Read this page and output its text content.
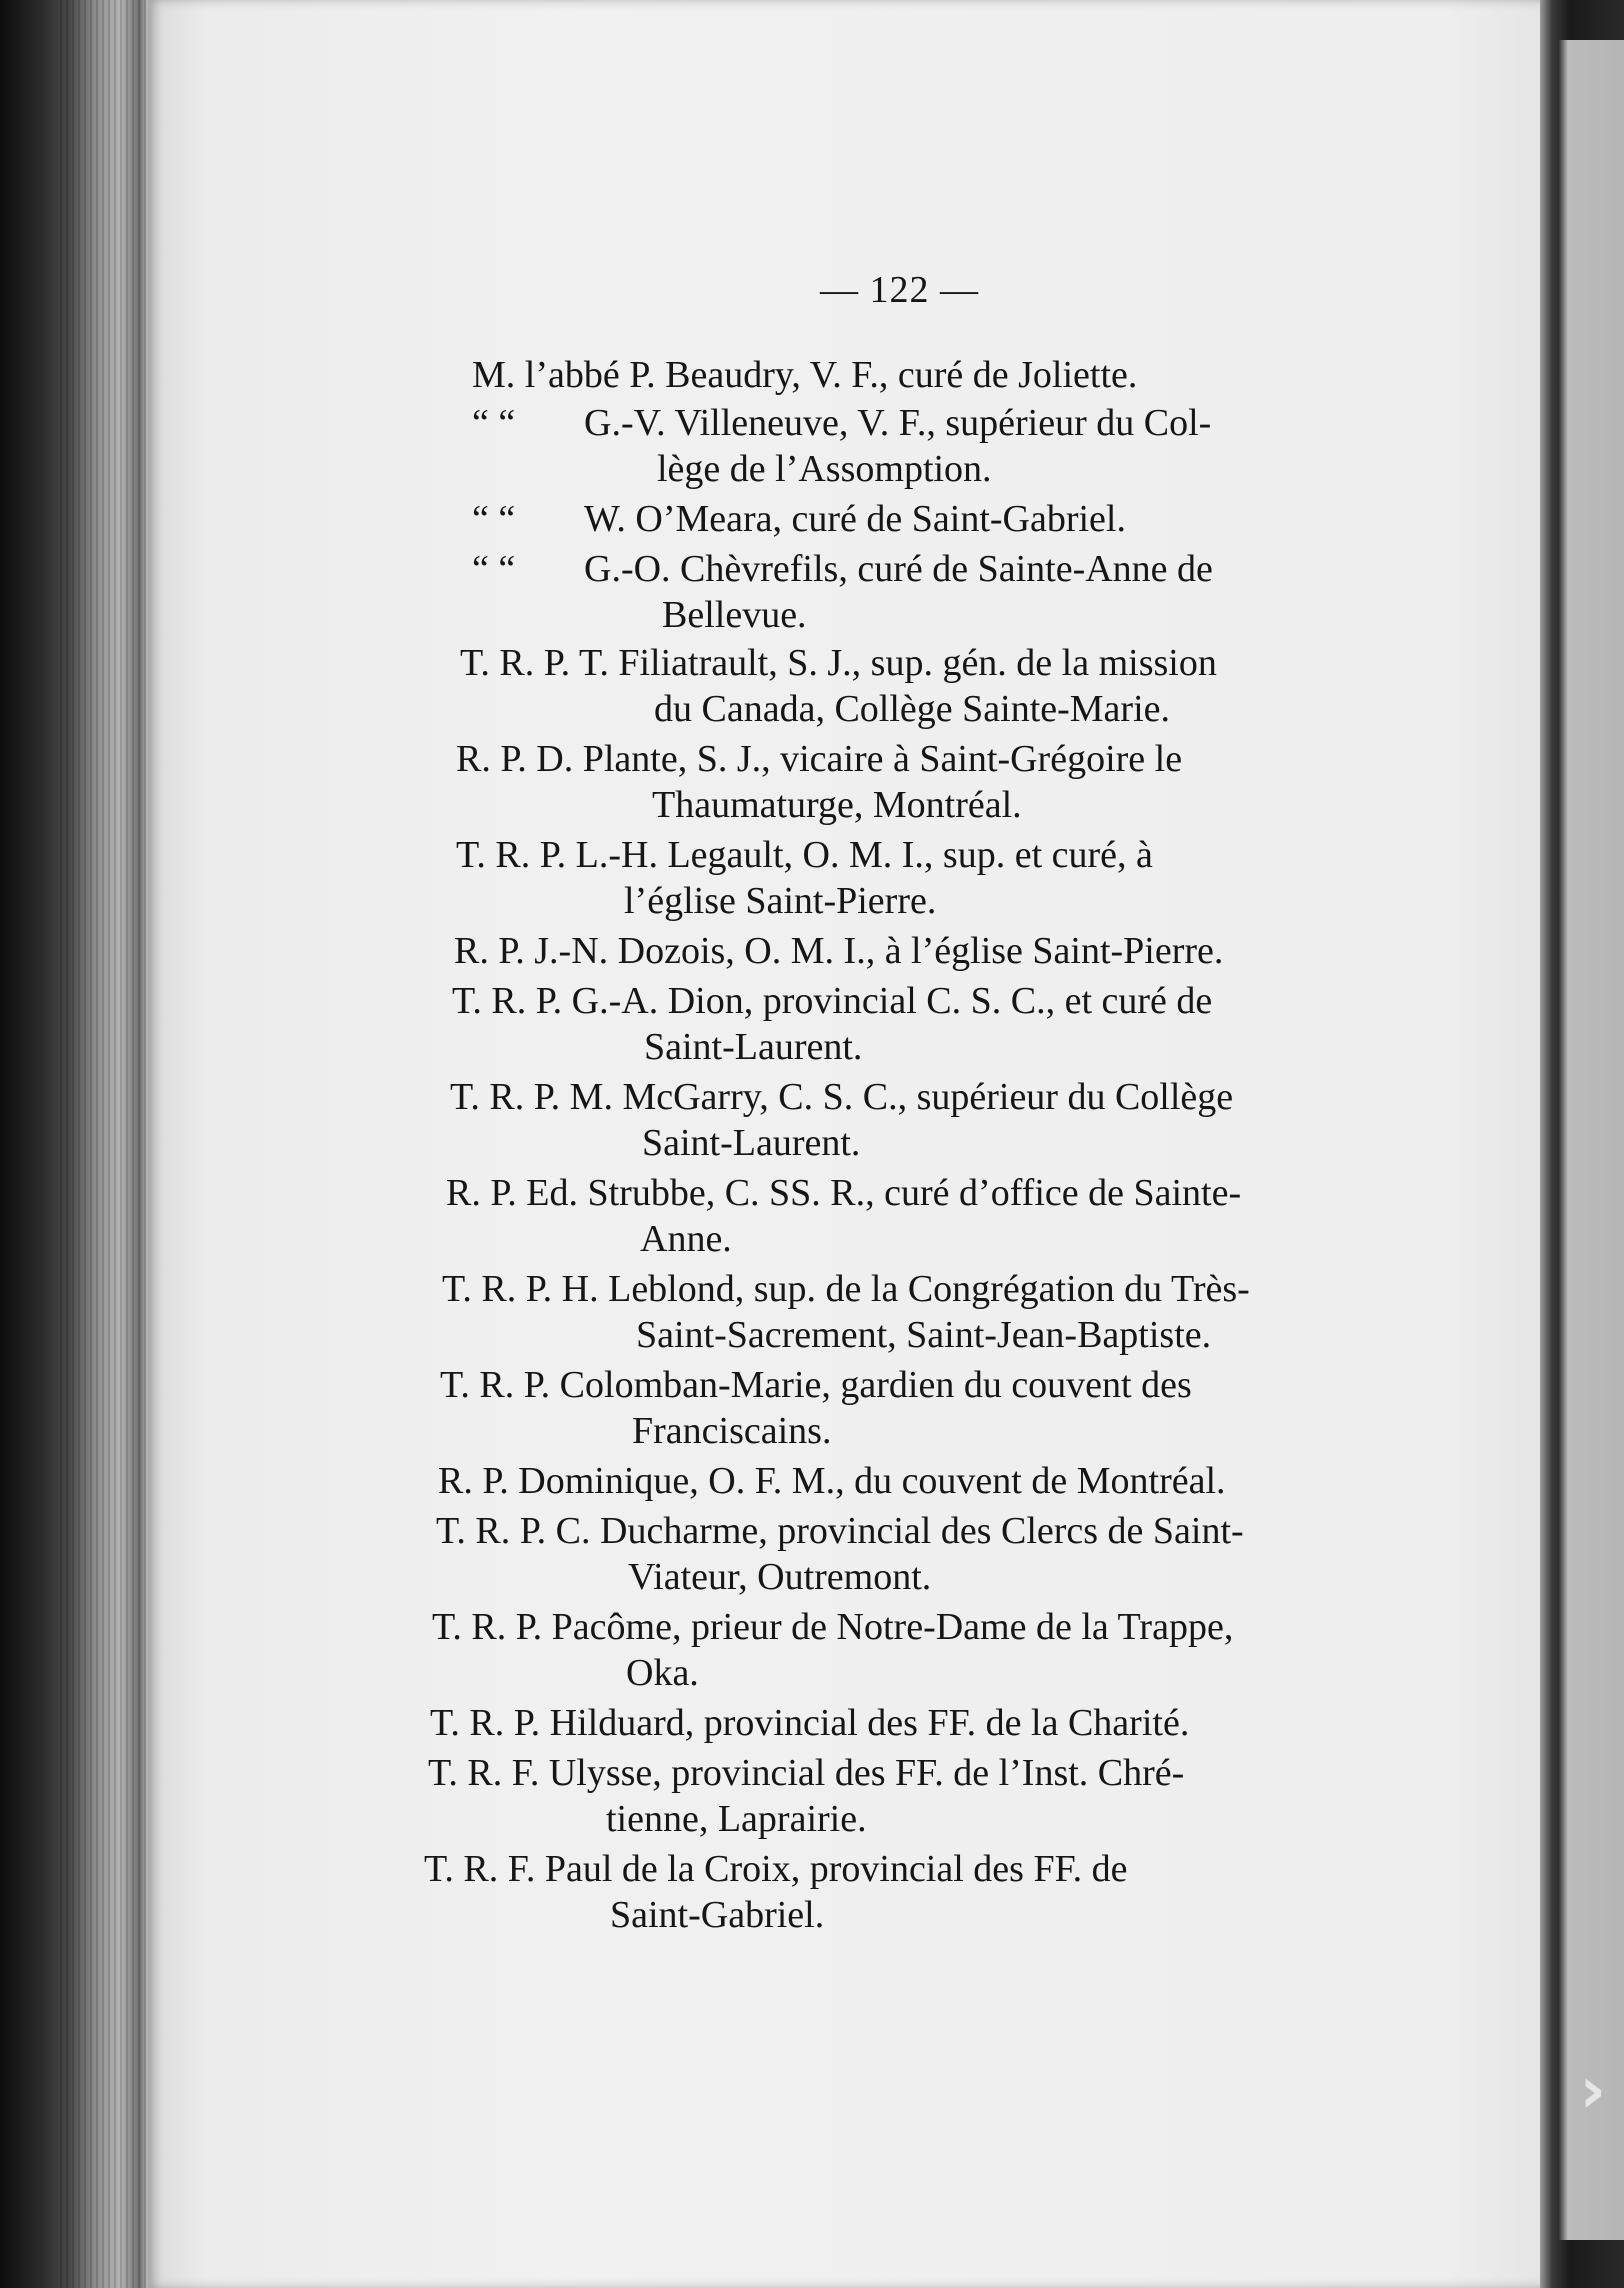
›
— 122 —
M. l’abbé P. Beaudry, V. F., curé de Joliette.
“ “ G.-V. Villeneuve, V. F., supérieur du Col-
lège de l’Assomption.
“ “ W. O’Meara, curé de Saint-Gabriel.
“ “ G.-O. Chèvrefils, curé de Sainte-Anne de
Bellevue.
T. R. P. T. Filiatrault, S. J., sup. gén. de la mission
du Canada, Collège Sainte-Marie.
R. P. D. Plante, S. J., vicaire à Saint-Grégoire le
Thaumaturge, Montréal.
T. R. P. L.-H. Legault, O. M. I., sup. et curé, à
l’église Saint-Pierre.
R. P. J.-N. Dozois, O. M. I., à l’église Saint-Pierre.
T. R. P. G.-A. Dion, provincial C. S. C., et curé de
Saint-Laurent.
T. R. P. M. McGarry, C. S. C., supérieur du Collège
Saint-Laurent.
R. P. Ed. Strubbe, C. SS. R., curé d’office de Sainte-
Anne.
T. R. P. H. Leblond, sup. de la Congrégation du Très-
Saint-Sacrement, Saint-Jean-Baptiste.
T. R. P. Colomban-Marie, gardien du couvent des
Franciscains.
R. P. Dominique, O. F. M., du couvent de Montréal.
T. R. P. C. Ducharme, provincial des Clercs de Saint-
Viateur, Outremont.
T. R. P. Pacôme, prieur de Notre-Dame de la Trappe,
Oka.
T. R. P. Hilduard, provincial des FF. de la Charité.
T. R. F. Ulysse, provincial des FF. de l’Inst. Chré-
tienne, Laprairie.
T. R. F. Paul de la Croix, provincial des FF. de
Saint-Gabriel.
